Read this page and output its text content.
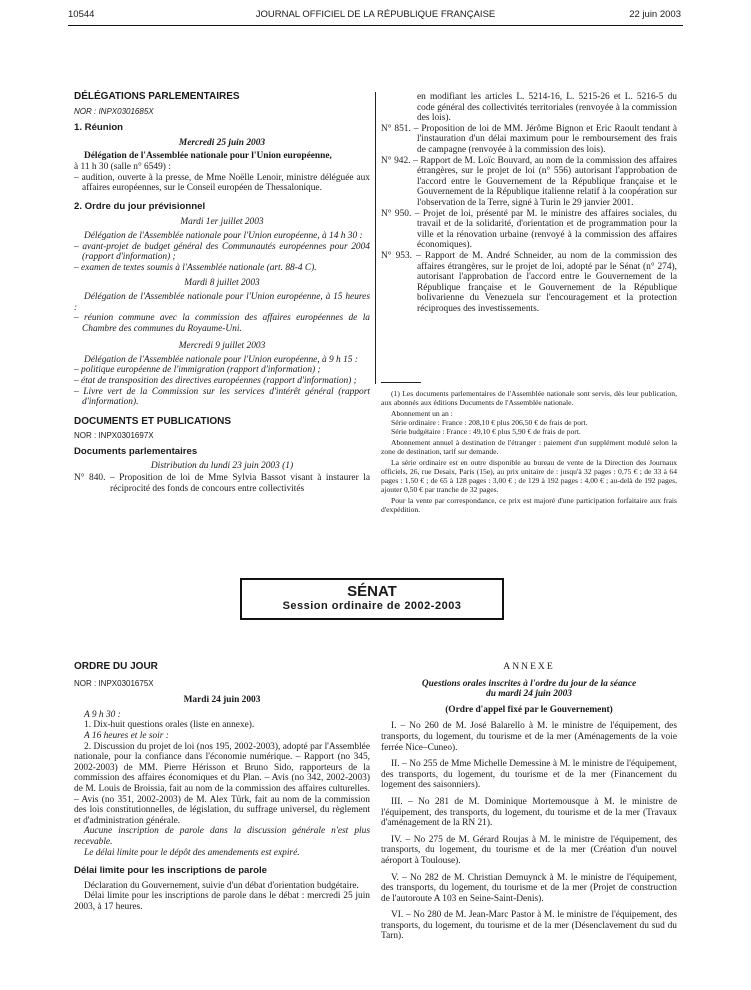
10544	JOURNAL OFFICIEL DE LA RÉPUBLIQUE FRANÇAISE	22 juin 2003

DÉLÉGATIONS PARLEMENTAIRES

NOR : INPX0301685X

1. Réunion

Mercredi 25 juin 2003

Délégation de l'Assemblée nationale pour l'Union européenne,

à 11 h 30 (salle n° 6549) :

– audition, ouverte à la presse, de Mme Noëlle Lenoir, ministre déléguée aux affaires européennes, sur le Conseil européen de Thessalonique.

2. Ordre du jour prévisionnel

Mardi 1er juillet 2003

Délégation de l'Assemblée nationale pour l'Union européenne, à 14 h 30 :

– avant-projet de budget général des Communautés européennes pour 2004 (rapport d'information) ;

– examen de textes soumis à l'Assemblée nationale (art. 88-4 C).

Mardi 8 juillet 2003

Délégation de l'Assemblée nationale pour l'Union européenne, à 15 heures :

– réunion commune avec la commission des affaires européennes de la Chambre des communes du Royaume-Uni.

Mercredi 9 juillet 2003

Délégation de l'Assemblée nationale pour l'Union européenne, à 9 h 15 :

– politique européenne de l'immigration (rapport d'information) ;

– état de transposition des directives européennes (rapport d'information) ;

– Livre vert de la Commission sur les services d'intérêt général (rapport d'information).

DOCUMENTS ET PUBLICATIONS

NOR : INPX0301697X

Documents parlementaires

Distribution du lundi 23 juin 2003 (1)

N° 840. – Proposition de loi de Mme Sylvia Bassot visant à instaurer la réciprocité des fonds de concours entre collectivités

en modifiant les articles L. 5214-16, L. 5215-26 et L. 5216-5 du code général des collectivités territoriales (renvoyée à la commission des lois).

N° 851. – Proposition de loi de MM. Jérôme Bignon et Eric Raoult tendant à l'instauration d'un délai maximum pour le remboursement des frais de campagne (renvoyée à la commission des lois).

N° 942. – Rapport de M. Loïc Bouvard, au nom de la commission des affaires étrangères, sur le projet de loi (n° 556) autorisant l'approbation de l'accord entre le Gouvernement de la République française et le Gouvernement de la République italienne relatif à la coopération sur l'observation de la Terre, signé à Turin le 29 janvier 2001.

N° 950. – Projet de loi, présenté par M. le ministre des affaires sociales, du travail et de la solidarité, d'orientation et de programmation pour la ville et la rénovation urbaine (renvoyé à la commission des affaires économiques).

N° 953. – Rapport de M. André Schneider, au nom de la commission des affaires étrangères, sur le projet de loi, adopté par le Sénat (n° 274), autorisant l'approbation de l'accord entre le Gouvernement de la République française et le Gouvernement de la République bolivarienne du Venezuela sur l'encouragement et la protection réciproques des investissements.

(1) Les documents parlementaires de l'Assemblée nationale sont servis, dès leur publication, aux abonnés aux éditions Documents de l'Assemblée nationale.

Abonnement un an :

Série ordinaire : France : 208,10 € plus 206,50 € de frais de port.

Série budgétaire : France : 49,10 € plus 5,90 € de frais de port.

Abonnement annuel à destination de l'étranger : paiement d'un supplément modulé selon la zone de destination, tarif sur demande.

La série ordinaire est en outre disponible au bureau de vente de la Direction des Journaux officiels, 26, rue Desaix, Paris (15e), au prix unitaire de : jusqu'à 32 pages : 0,75 € ; de 33 à 64 pages : 1,50 € ; de 65 à 128 pages : 3,00 € ; de 129 à 192 pages : 4,00 € ; au-delà de 192 pages, ajouter 0,50 € par tranche de 32 pages.

Pour la vente par correspondance, ce prix est majoré d'une participation forfaitaire aux frais d'expédition.

SÉNAT
Session ordinaire de 2002-2003

ORDRE DU JOUR

NOR : INPX0301675X

Mardi 24 juin 2003

A 9 h 30 :

1. Dix-huit questions orales (liste en annexe).

A 16 heures et le soir :

2. Discussion du projet de loi (nos 195, 2002-2003), adopté par l'Assemblée nationale, pour la confiance dans l'économie numérique. – Rapport (no 345, 2002-2003) de MM. Pierre Hérisson et Bruno Sido, rapporteurs de la commission des affaires économiques et du Plan. – Avis (no 342, 2002-2003) de M. Louis de Broissia, fait au nom de la commission des affaires culturelles. – Avis (no 351, 2002-2003) de M. Alex Türk, fait au nom de la commission des lois constitutionnelles, de législation, du suffrage universel, du règlement et d'administration générale.

Aucune inscription de parole dans la discussion générale n'est plus recevable.

Le délai limite pour le dépôt des amendements est expiré.

Délai limite pour les inscriptions de parole

Déclaration du Gouvernement, suivie d'un débat d'orientation budgétaire.

Délai limite pour les inscriptions de parole dans le débat : mercredi 25 juin 2003, à 17 heures.

ANNEXE

Questions orales inscrites à l'ordre du jour de la séance du mardi 24 juin 2003

(Ordre d'appel fixé par le Gouvernement)

I. – No 260 de M. José Balarello à M. le ministre de l'équipement, des transports, du logement, du tourisme et de la mer (Aménagements de la voie ferrée Nice–Cuneo).

II. – No 255 de Mme Michelle Demessine à M. le ministre de l'équipement, des transports, du logement, du tourisme et de la mer (Financement du logement des saisonniers).

III. – No 281 de M. Dominique Mortemousque à M. le ministre de l'équipement, des transports, du logement, du tourisme et de la mer (Travaux d'aménagement de la RN 21).

IV. – No 275 de M. Gérard Roujas à M. le ministre de l'équipement, des transports, du logement, du tourisme et de la mer (Création d'un nouvel aéroport à Toulouse).

V. – No 282 de M. Christian Demuynck à M. le ministre de l'équipement, des transports, du logement, du tourisme et de la mer (Projet de construction de l'autoroute A 103 en Seine-Saint-Denis).

VI. – No 280 de M. Jean-Marc Pastor à M. le ministre de l'équipement, des transports, du logement, du tourisme et de la mer (Désenclavement du sud du Tarn).
